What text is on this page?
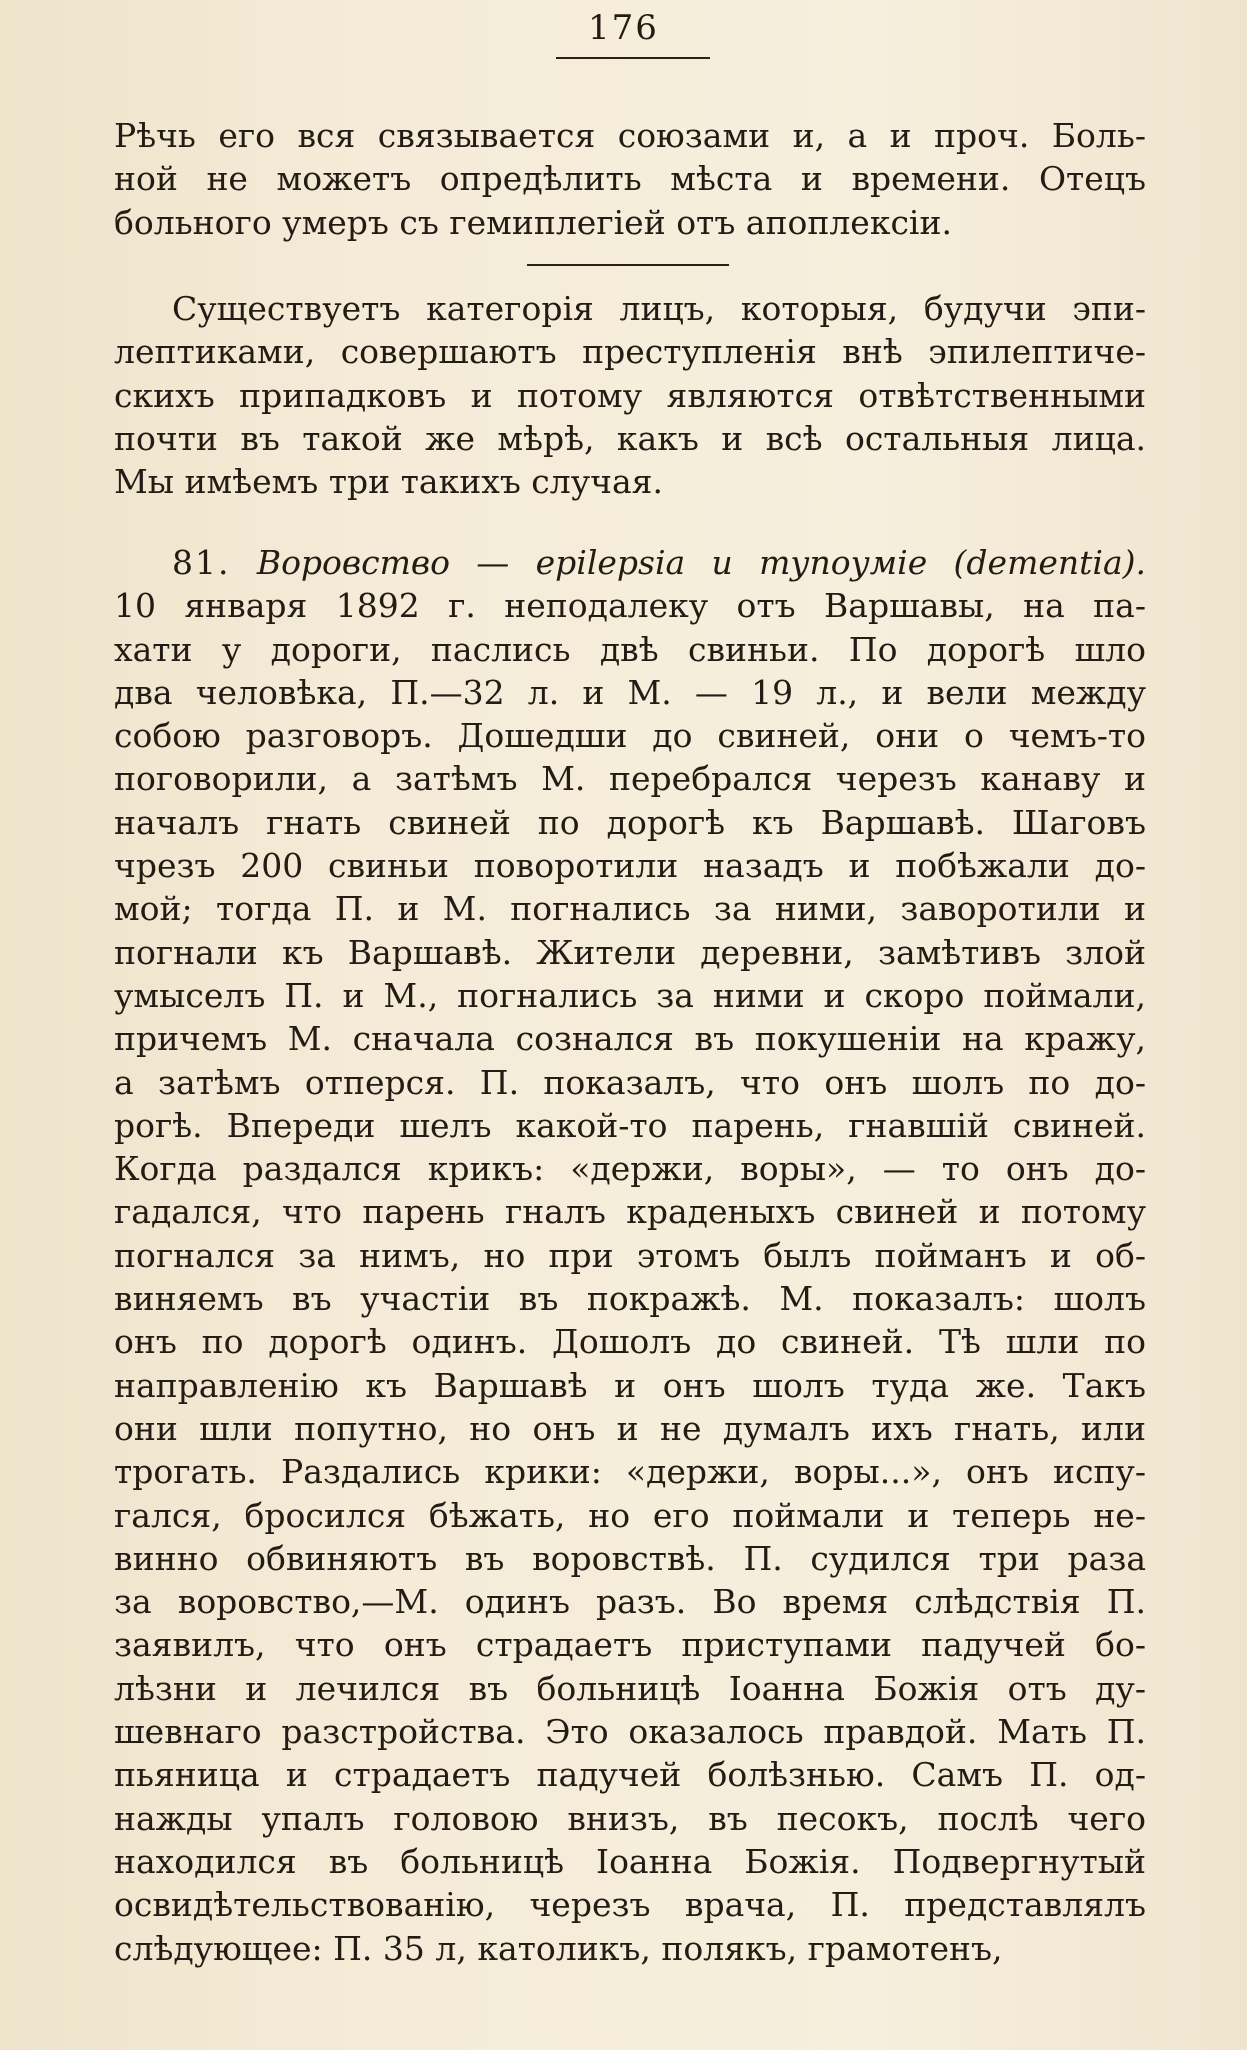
176
Рѣчь его вся связывается союзами и, а и проч. Боль-
ной не можетъ опредѣлить мѣста и времени. Отецъ
больного умеръ съ гемиплегіей отъ апоплексіи.
Существуетъ категорія лицъ, которыя, будучи эпи-
лептиками, совершаютъ преступленія внѣ эпилептиче-
скихъ припадковъ и потому являются отвѣтственными
почти въ такой же мѣрѣ, какъ и всѣ остальныя лица.
Мы имѣемъ три такихъ случая.
81. Воровство — epilepsia и тупоумie (dementia).
10 января 1892 г. неподалеку отъ Варшавы, на па-
хати у дороги, паслись двѣ свиньи. По дорогѣ шло
два человѣка, П.—32 л. и М. — 19 л., и вели между
собою разговоръ. Дошедши до свиней, они о чемъ-то
поговорили, а затѣмъ М. перебрался черезъ канаву и
началъ гнать свиней по дорогѣ къ Варшавѣ. Шаговъ
чрезъ 200 свиньи поворотили назадъ и побѣжали до-
мой; тогда П. и М. погнались за ними, заворотили и
погнали къ Варшавѣ. Жители деревни, замѣтивъ злой
умыселъ П. и М., погнались за ними и скоро поймали,
причемъ М. сначала сознался въ покушенiи на кражу,
а затѣмъ отперся. П. показалъ, что онъ шолъ по до-
рогѣ. Впереди шелъ какой-то парень, гнавшiй свиней.
Когда раздался крикъ: «держи, воры», — то онъ до-
гадался, что парень гналъ краденыхъ свиней и потому
погнался за нимъ, но при этомъ былъ пойманъ и об-
виняемъ въ участiи въ покражѣ. М. показалъ: шолъ
онъ по дорогѣ одинъ. Дошолъ до свиней. Тѣ шли по
направленiю къ Варшавѣ и онъ шолъ туда же. Такъ
они шли попутно, но онъ и не думалъ ихъ гнать, или
трогать. Раздались крики: «держи, воры...», онъ испу-
гался, бросился бѣжать, но его поймали и теперь не-
винно обвиняютъ въ воровствѣ. П. судился три раза
за воровство,—М. одинъ разъ. Во время слѣдствiя П.
заявилъ, что онъ страдаетъ приступами падучей бо-
лѣзни и лечился въ больницѣ Iоанна Божiя отъ ду-
шевнаго разстройства. Это оказалось правдой. Мать П.
пьяница и страдаетъ падучей болѣзнью. Самъ П. од-
нажды упалъ головою внизъ, въ песокъ, послѣ чего
находился въ больницѣ Iоанна Божiя. Подвергнутый
освидѣтельствованiю, черезъ врача, П. представлялъ
слѣдующее: П. 35 л, католикъ, полякъ, грамотенъ,
